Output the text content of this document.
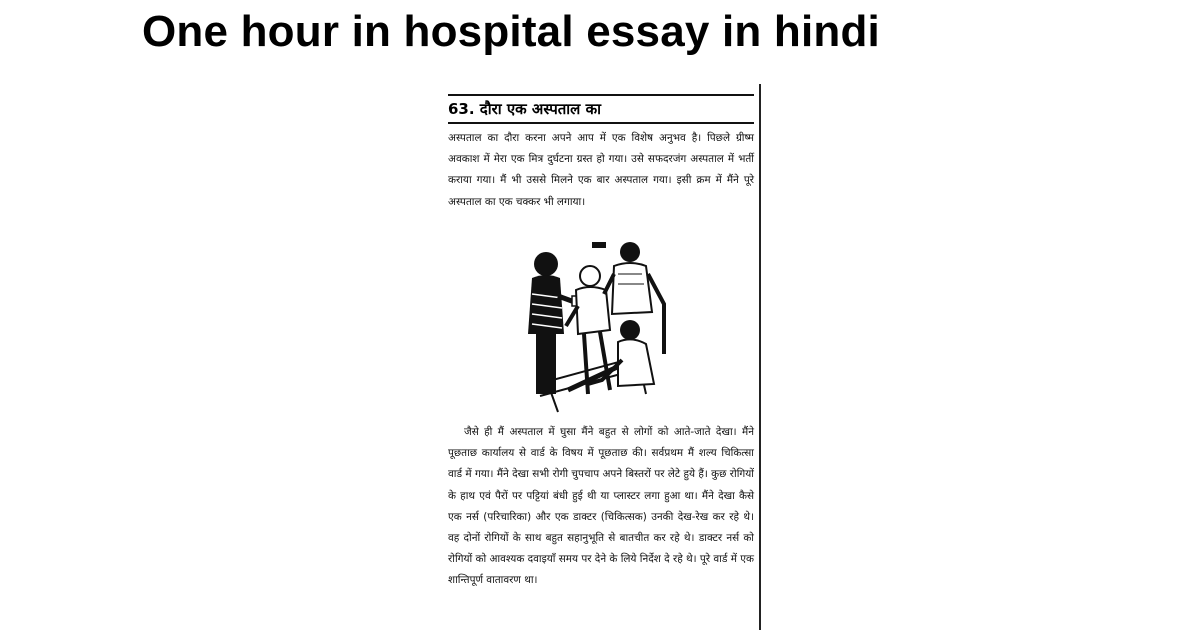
One hour in hospital essay in hindi
63. दौरा एक अस्पताल का

अस्पताल का दौरा करना अपने आप में एक विशेष अनुभव है। पिछले ग्रीष्म अवकाश में मेरा एक मित्र दुर्घटना ग्रस्त हो गया। उसे सफदरजंग अस्पताल में भर्ती कराया गया। मैं भी उससे मिलने एक बार अस्पताल गया। इसी क्रम में मैंने पूरे अस्पताल का एक चक्कर भी लगाया।

जैसे ही मैं अस्पताल में घुसा मैंने बहुत से लोगों को आते-जाते देखा। मैंने पूछताछ कार्यालय से वार्ड के विषय में पूछताछ की। सर्वप्रथम मैं शल्य चिकित्सा वार्ड में गया। मैंने देखा सभी रोगी चुपचाप अपने बिस्तरों पर लेटे हुये हैं। कुछ रोगियों के हाथ एवं पैरों पर पट्टियां बंधी हुई थी या प्लास्टर लगा हुआ था। मैंने देखा कैसे एक नर्स (परिचारिका) और एक डाक्टर (चिकित्सक) उनकी देख-रेख कर रहे थे। वह दोनों रोगियों के साथ बहुत सहानुभूति से बातचीत कर रहे थे। डाक्टर नर्स को रोगियों को आवश्यक दवाइयाँ समय पर देने के लिये निर्देश दे रहे थे। पूरे वार्ड में एक शान्तिपूर्ण वातावरण था।
